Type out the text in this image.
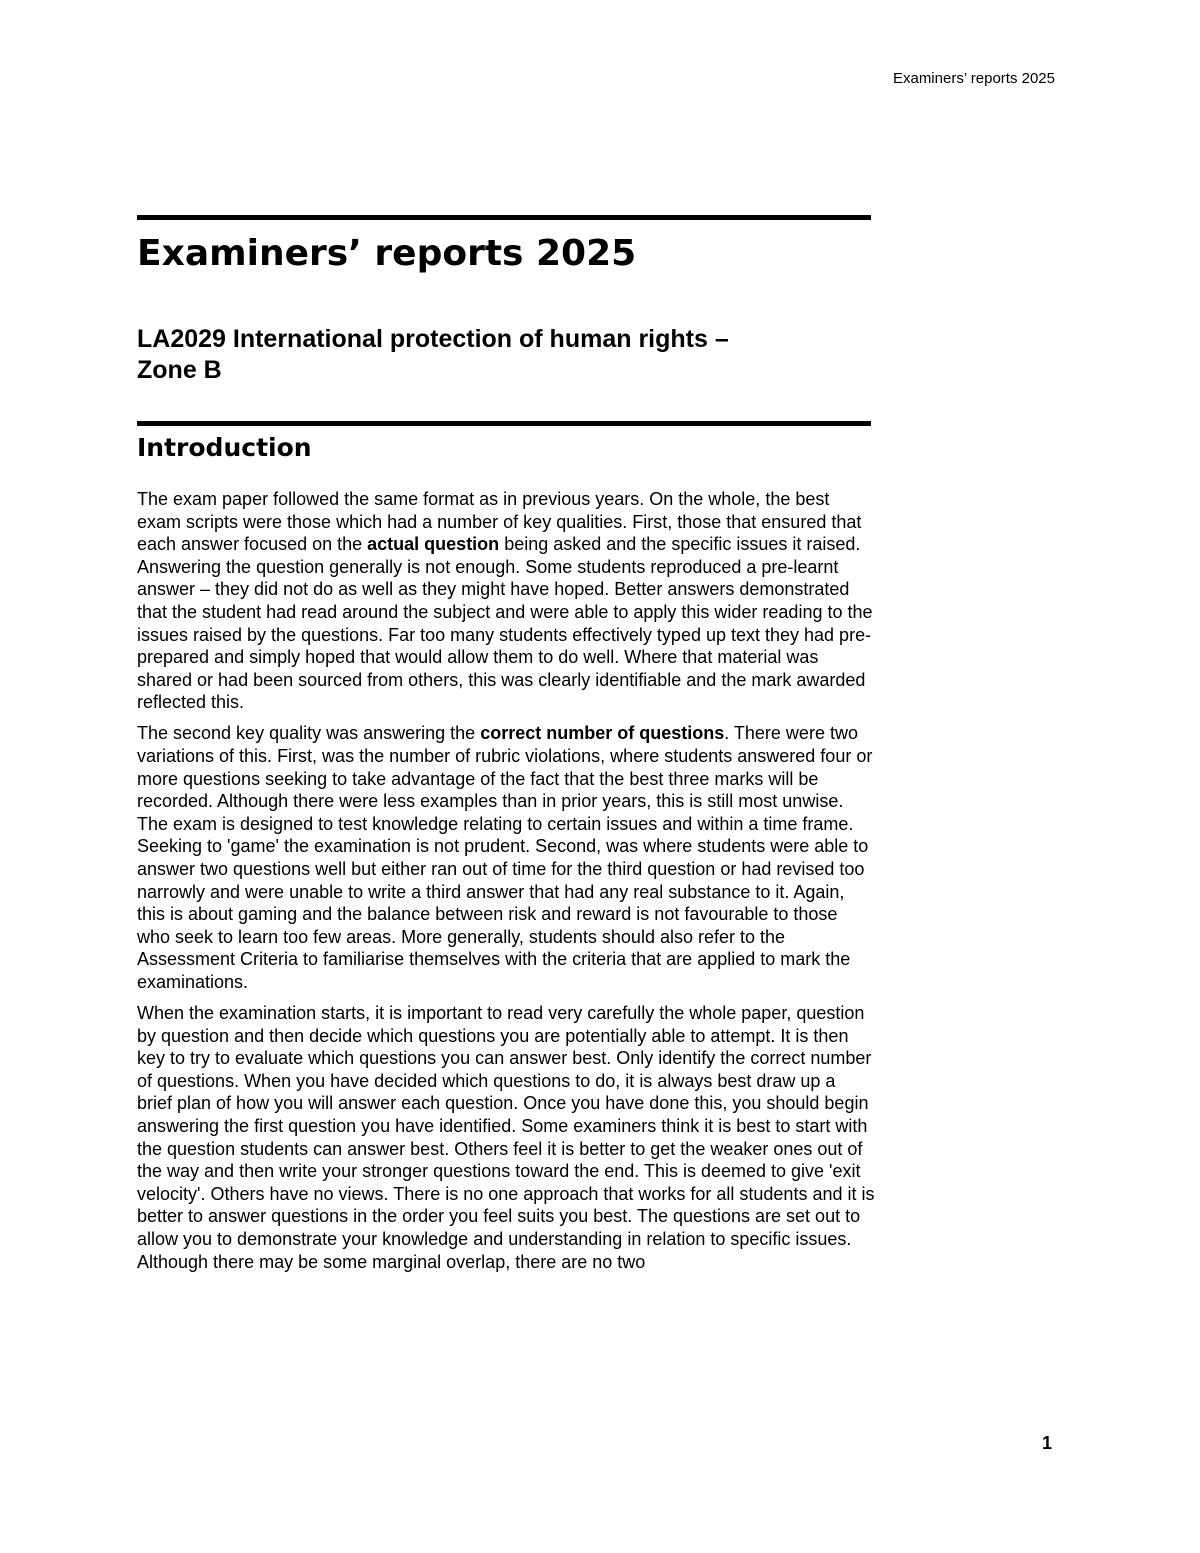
Examiners’ reports 2025
Examiners’ reports 2025
LA2029 International protection of human rights –
Zone B
Introduction

The exam paper followed the same format as in previous years. On the whole, the best exam scripts were those which had a number of key qualities. First, those that ensured that each answer focused on the actual question being asked and the specific issues it raised. Answering the question generally is not enough. Some students reproduced a pre-learnt answer – they did not do as well as they might have hoped. Better answers demonstrated that the student had read around the subject and were able to apply this wider reading to the issues raised by the questions. Far too many students effectively typed up text they had pre-prepared and simply hoped that would allow them to do well. Where that material was shared or had been sourced from others, this was clearly identifiable and the mark awarded reflected this.

The second key quality was answering the correct number of questions. There were two variations of this. First, was the number of rubric violations, where students answered four or more questions seeking to take advantage of the fact that the best three marks will be recorded. Although there were less examples than in prior years, this is still most unwise. The exam is designed to test knowledge relating to certain issues and within a time frame. Seeking to 'game' the examination is not prudent. Second, was where students were able to answer two questions well but either ran out of time for the third question or had revised too narrowly and were unable to write a third answer that had any real substance to it. Again, this is about gaming and the balance between risk and reward is not favourable to those who seek to learn too few areas. More generally, students should also refer to the Assessment Criteria to familiarise themselves with the criteria that are applied to mark the examinations.

When the examination starts, it is important to read very carefully the whole paper, question by question and then decide which questions you are potentially able to attempt. It is then key to try to evaluate which questions you can answer best. Only identify the correct number of questions. When you have decided which questions to do, it is always best draw up a brief plan of how you will answer each question. Once you have done this, you should begin answering the first question you have identified. Some examiners think it is best to start with the question students can answer best. Others feel it is better to get the weaker ones out of the way and then write your stronger questions toward the end. This is deemed to give 'exit velocity'. Others have no views. There is no one approach that works for all students and it is better to answer questions in the order you feel suits you best. The questions are set out to allow you to demonstrate your knowledge and understanding in relation to specific issues. Although there may be some marginal overlap, there are no two

1
